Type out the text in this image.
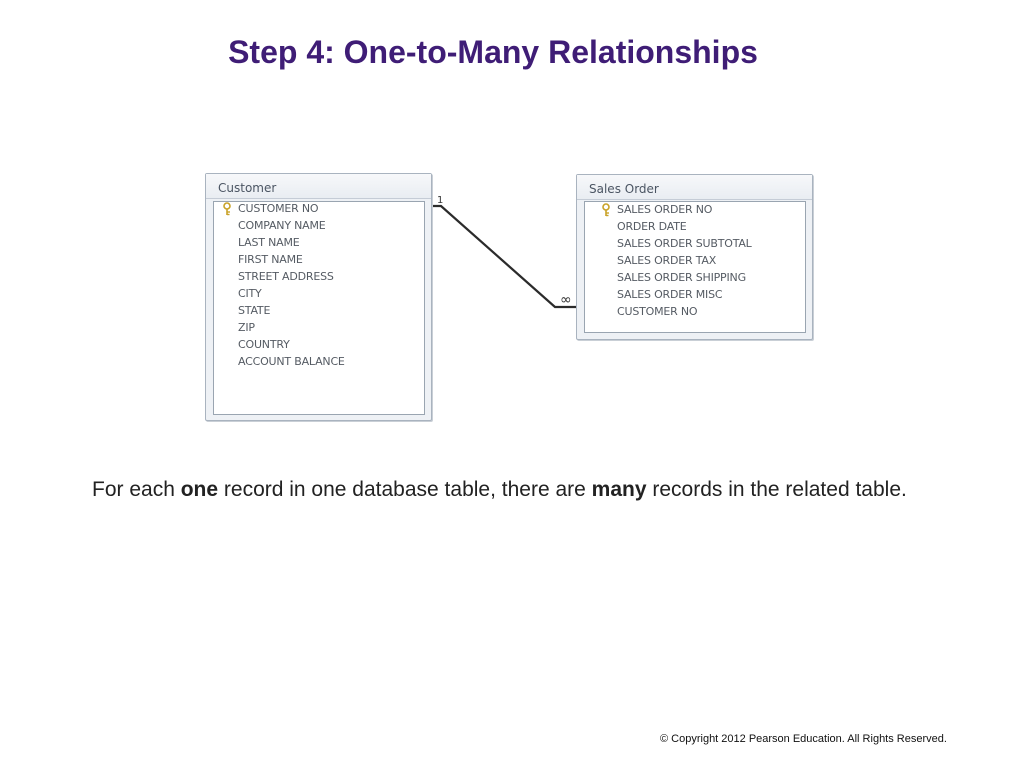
Step 4: One-to-Many Relationships
1
∞
Customer
CUSTOMER NO
COMPANY NAME
LAST NAME
FIRST NAME
STREET ADDRESS
CITY
STATE
ZIP
COUNTRY
ACCOUNT BALANCE
Sales Order
SALES ORDER NO
ORDER DATE
SALES ORDER SUBTOTAL
SALES ORDER TAX
SALES ORDER SHIPPING
SALES ORDER MISC
CUSTOMER NO
For each one record in one database table, there are many records in the related table.
© Copyright 2012 Pearson Education. All Rights Reserved.
